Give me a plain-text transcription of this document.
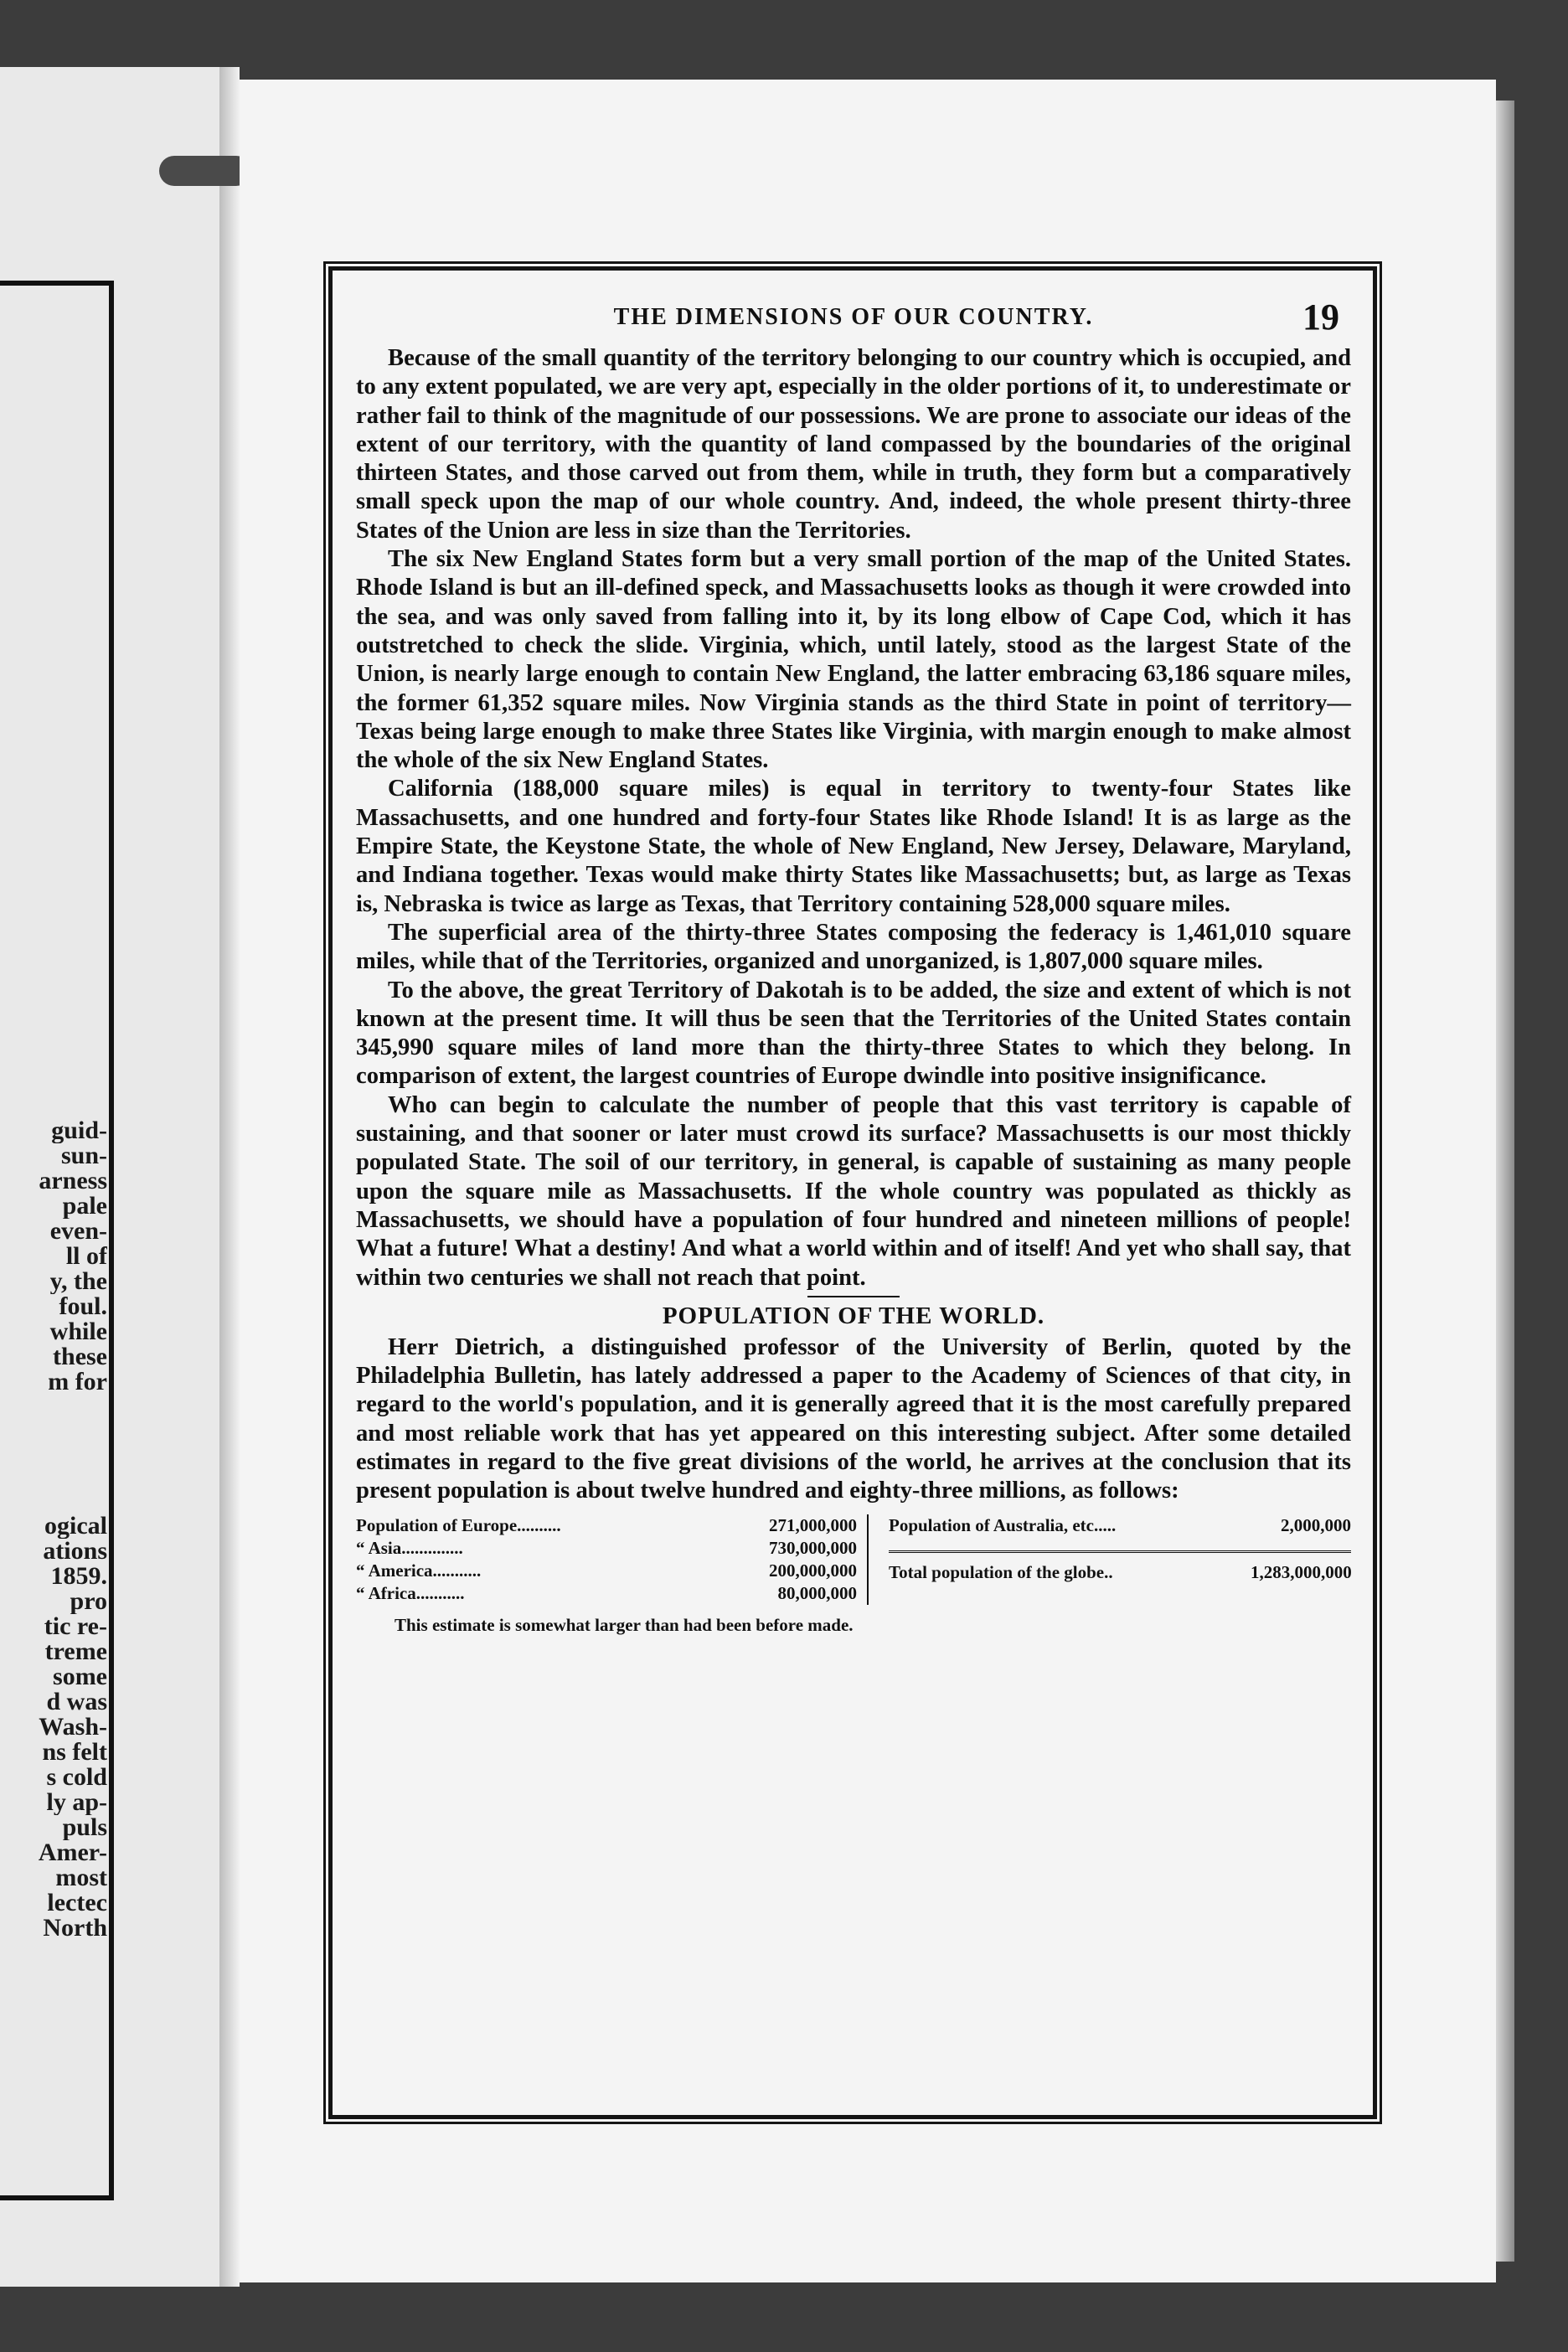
guid-
sun-
arness
pale
even-
ll of
y, the
foul.
while
these
m for
ogical
ations
1859.
pro
tic re-
treme
some
d was
Wash-
ns felt
s cold
ly ap-
puls
Amer-
most
lectec
North
THE DIMENSIONS OF OUR COUNTRY.	19

Because of the small quantity of the territory belonging to our country which is occupied, and to any extent populated, we are very apt, especially in the older portions of it, to underestimate or rather fail to think of the magnitude of our possessions. We are prone to associate our ideas of the extent of our territory, with the quantity of land compassed by the boundaries of the original thirteen States, and those carved out from them, while in truth, they form but a comparatively small speck upon the map of our whole country. And, indeed, the whole present thirty-three States of the Union are less in size than the Territories.

The six New England States form but a very small portion of the map of the United States. Rhode Island is but an ill-defined speck, and Massachusetts looks as though it were crowded into the sea, and was only saved from falling into it, by its long elbow of Cape Cod, which it has outstretched to check the slide. Virginia, which, until lately, stood as the largest State of the Union, is nearly large enough to contain New England, the latter embracing 63,186 square miles, the former 61,352 square miles. Now Virginia stands as the third State in point of territory—Texas being large enough to make three States like Virginia, with margin enough to make almost the whole of the six New England States.

California (188,000 square miles) is equal in territory to twenty-four States like Massachusetts, and one hundred and forty-four States like Rhode Island! It is as large as the Empire State, the Keystone State, the whole of New England, New Jersey, Delaware, Maryland, and Indiana together. Texas would make thirty States like Massachusetts; but, as large as Texas is, Nebraska is twice as large as Texas, that Territory containing 528,000 square miles.

The superficial area of the thirty-three States composing the federacy is 1,461,010 square miles, while that of the Territories, organized and unorganized, is 1,807,000 square miles.

To the above, the great Territory of Dakotah is to be added, the size and extent of which is not known at the present time. It will thus be seen that the Territories of the United States contain 345,990 square miles of land more than the thirty-three States to which they belong. In comparison of extent, the largest countries of Europe dwindle into positive insignificance.

Who can begin to calculate the number of people that this vast territory is capable of sustaining, and that sooner or later must crowd its surface? Massachusetts is our most thickly populated State. The soil of our territory, in general, is capable of sustaining as many people upon the square mile as Massachusetts. If the whole country was populated as thickly as Massachusetts, we should have a population of four hundred and nineteen millions of people! What a future! What a destiny! And what a world within and of itself! And yet who shall say, that within two centuries we shall not reach that point.

POPULATION OF THE WORLD.

Herr Dietrich, a distinguished professor of the University of Berlin, quoted by the Philadelphia Bulletin, has lately addressed a paper to the Academy of Sciences of that city, in regard to the world's population, and it is generally agreed that it is the most carefully prepared and most reliable work that has yet appeared on this interesting subject. After some detailed estimates in regard to the five great divisions of the world, he arrives at the conclusion that its present population is about twelve hundred and eighty-three millions, as follows:

Population of Europe..........	271,000,000
“ Asia..............	730,000,000
“ America...........	200,000,000
“ Africa...........	80,000,000
Population of Australia, etc.....	2,000,000
Total population of the globe..	1,283,000,000
This estimate is somewhat larger than had been before made.
